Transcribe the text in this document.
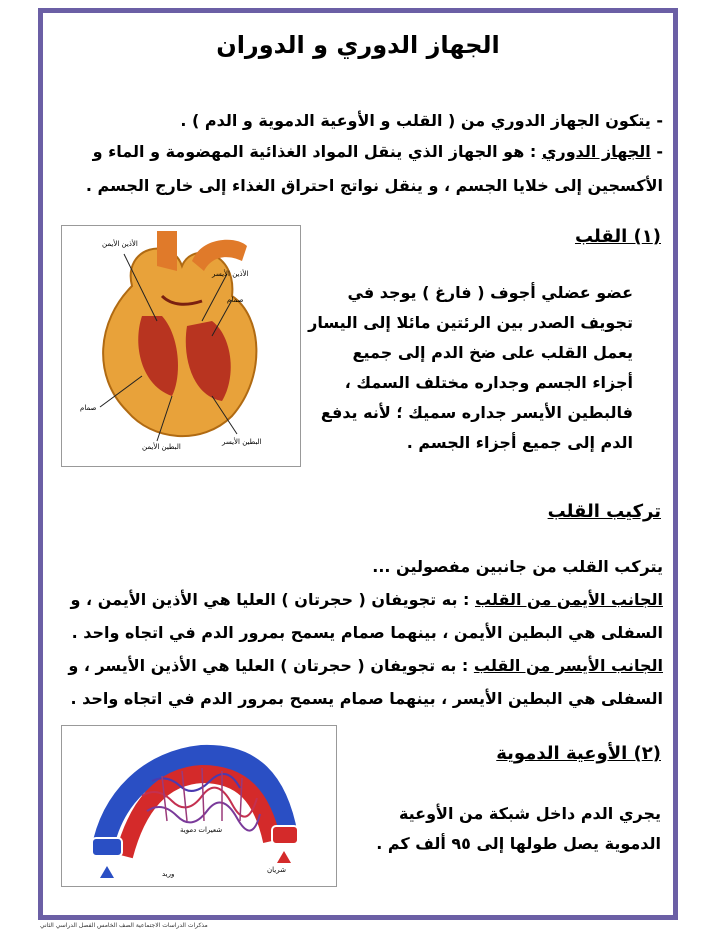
الجهاز الدوري و الدوران
- يتكون الجهاز الدوري من ( القلب و الأوعية الدموية و الدم ) .
- الجهاز الدوري : هو الجهاز الذي ينقل المواد الغذائية المهضومة و الماء و
الأكسجين إلى خلايا الجسم ، و ينقل نواتج احتراق الغذاء إلى خارج الجسم .
(١) القلب
عضو عضلي أجوف ( فارغ ) يوجد في
تجويف الصدر بين الرئتين مائلا إلى اليسار
يعمل القلب على ضخ الدم إلى جميع
أجزاء الجسم وجداره مختلف السمك ،
فالبطين الأيسر جداره سميك ؛ لأنه يدفع
الدم إلى جميع أجزاء الجسم .
الأذين الأيمن
الأذين الأيسر
صمام
صمام
البطين الأيسر
البطين الأيمن
تركيب القلب
يتركب القلب من جانبين مفصولين ...
الجانب الأيمن من القلب : به تجويفان ( حجرتان ) العليا هي الأذين الأيمن ، و
السفلى هي البطين الأيمن ، بينهما صمام يسمح بمرور الدم في اتجاه واحد .
الجانب الأيسر من القلب : به تجويفان ( حجرتان ) العليا هي الأذين الأيسر ، و
السفلى هي البطين الأيسر ، بينهما صمام يسمح بمرور الدم في اتجاه واحد .
(٢) الأوعية الدموية
يجري الدم داخل شبكة من الأوعية
الدموية يصل طولها إلى ٩٥ ألف كم .
شعيرات دموية
وريد	شريان
مذكرات الدراسات الاجتماعية الصف الخامس الفصل الدراسي الثاني
